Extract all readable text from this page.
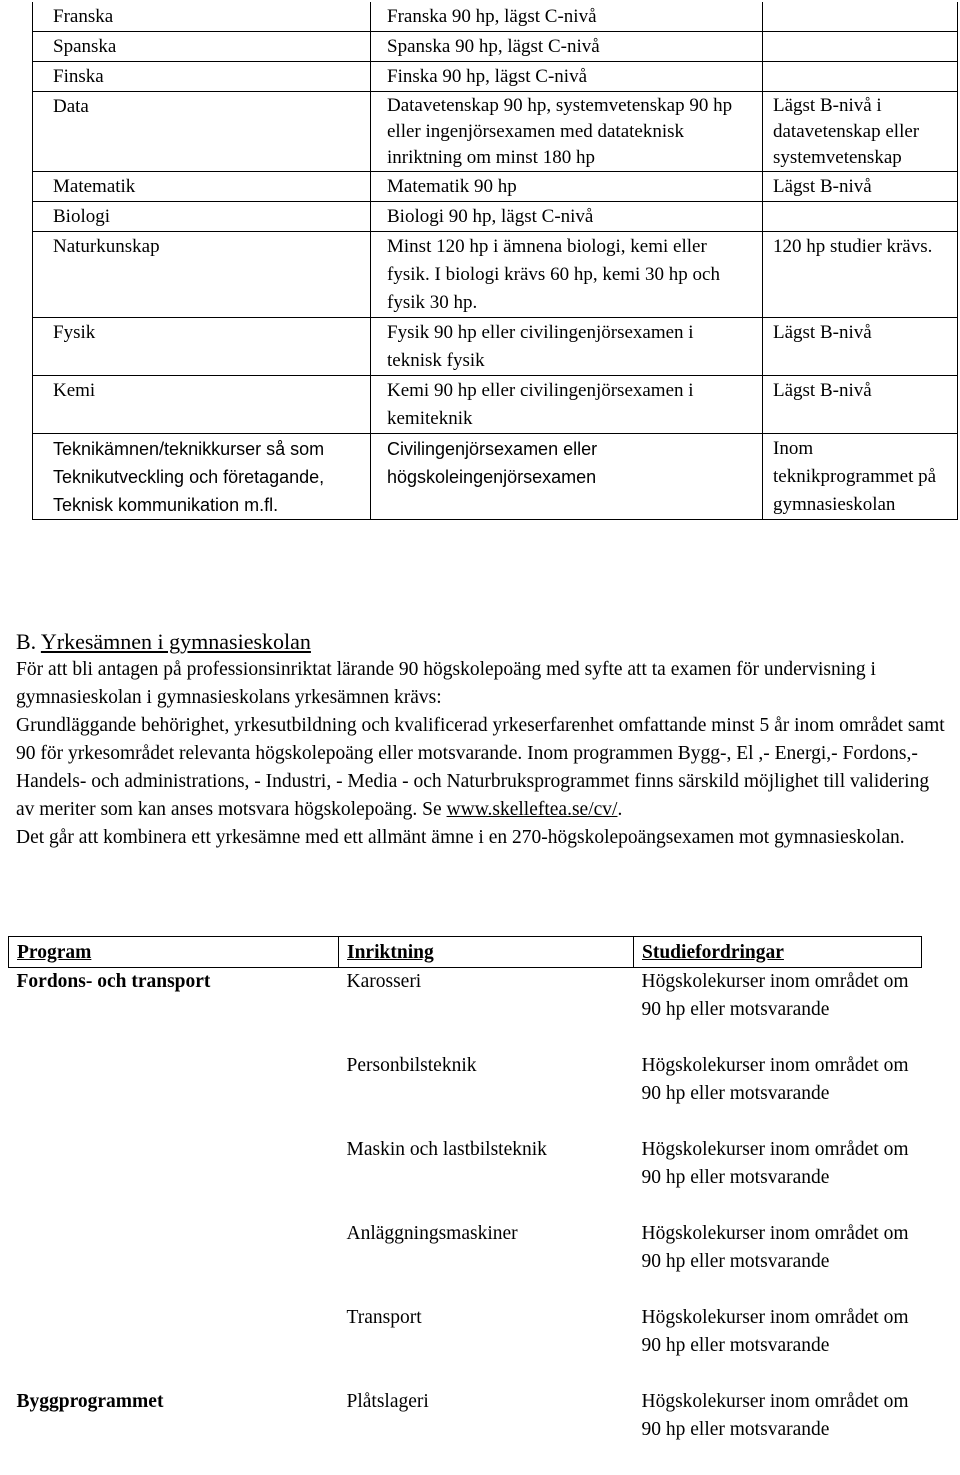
Franska	Franska 90 hp, lägst C-nivå	
Spanska	Spanska 90 hp, lägst C-nivå	
Finska	Finska 90 hp, lägst C-nivå	
Data	Datavetenskap 90 hp, systemvetenskap 90 hp eller ingenjörsexamen med datateknisk inriktning om minst 180 hp	Lägst B-nivå i datavetenskap eller systemvetenskap
Matematik	Matematik 90 hp	Lägst B-nivå
Biologi	Biologi 90 hp, lägst C-nivå	
Naturkunskap	Minst 120 hp i ämnena biologi, kemi eller fysik. I biologi krävs 60 hp, kemi 30 hp och fysik 30 hp.	120 hp studier krävs.
Fysik	Fysik 90 hp eller civilingenjörsexamen i teknisk fysik	Lägst B-nivå
Kemi	Kemi 90 hp eller civilingenjörsexamen i kemiteknik	Lägst B-nivå
Teknikämnen/teknikkurser så som Teknikutveckling och företagande, Teknisk kommunikation m.fl.	Civilingenjörsexamen eller högskoleingenjörsexamen	Inom teknikprogrammet på gymnasieskolan
B. Yrkesämnen i gymnasieskolan

För att bli antagen på professionsinriktat lärande 90 högskolepoäng med syfte att ta examen för undervisning i gymnasieskolan i gymnasieskolans yrkesämnen krävs:

Grundläggande behörighet, yrkesutbildning och kvalificerad yrkeserfarenhet omfattande minst 5 år inom området samt 90 för yrkesområdet relevanta högskolepoäng eller motsvarande. Inom programmen Bygg-, El ,- Energi,- Fordons,- Handels- och administrations, - Industri, - Media - och Naturbruksprogrammet finns särskild möjlighet till validering av meriter som kan anses motsvara högskolepoäng. Se www.skelleftea.se/cv/.

Det går att kombinera ett yrkesämne med ett allmänt ämne i en 270-högskolepoängsexamen mot gymnasieskolan.

Program	Inriktning	Studiefordringar
Fordons- och transport	Karosseri	Högskolekurser inom området om 90 hp eller motsvarande
	Personbilsteknik	Högskolekurser inom området om 90 hp eller motsvarande
	Maskin och lastbilsteknik	Högskolekurser inom området om 90 hp eller motsvarande
	Anläggningsmaskiner	Högskolekurser inom området om 90 hp eller motsvarande
	Transport	Högskolekurser inom området om 90 hp eller motsvarande
Byggprogrammet	Plåtslageri	Högskolekurser inom området om 90 hp eller motsvarande
